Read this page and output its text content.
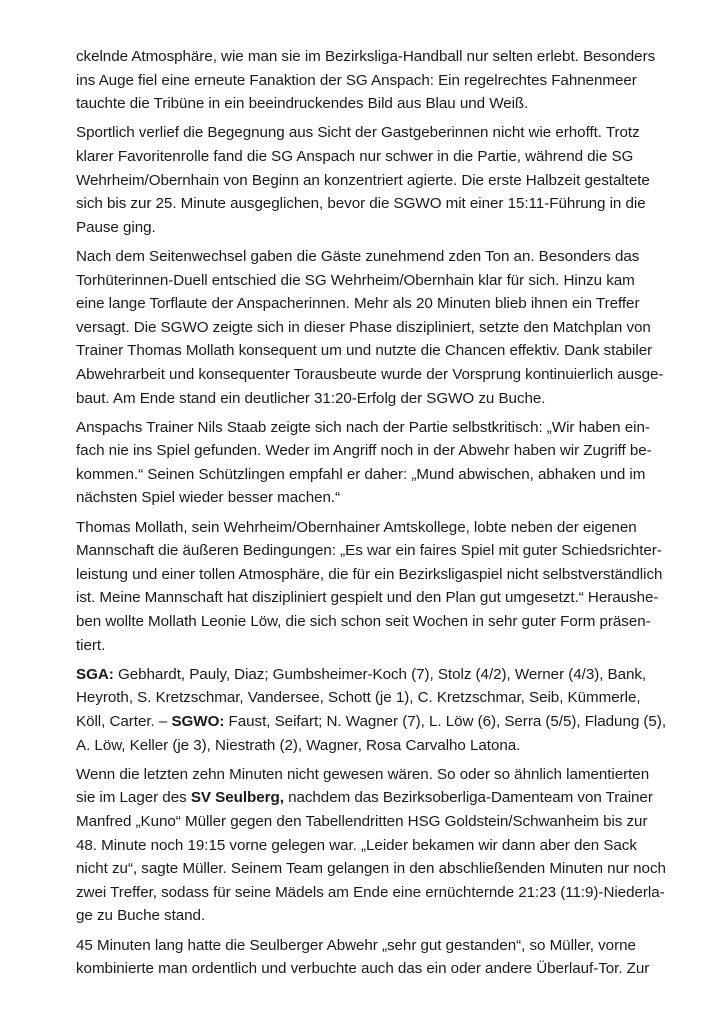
ckelnde Atmosphäre, wie man sie im Bezirksliga-Handball nur selten erlebt. Besonders
ins Auge fiel eine erneute Fanaktion der SG Anspach: Ein regelrechtes Fahnenmeer
tauchte die Tribüne in ein beeindruckendes Bild aus Blau und Weiß.

Sportlich verlief die Begegnung aus Sicht der Gastgeberinnen nicht wie erhofft. Trotz
klarer Favoritenrolle fand die SG Anspach nur schwer in die Partie, während die SG
Wehrheim/Obernhain von Beginn an konzentriert agierte. Die erste Halbzeit gestaltete
sich bis zur 25. Minute ausgeglichen, bevor die SGWO mit einer 15:11-Führung in die
Pause ging.

Nach dem Seitenwechsel gaben die Gäste zunehmend zden Ton an. Besonders das
Torhüterinnen-Duell entschied die SG Wehrheim/Obernhain klar für sich. Hinzu kam
eine lange Torflaute der Anspacherinnen. Mehr als 20 Minuten blieb ihnen ein Treffer
versagt. Die SGWO zeigte sich in dieser Phase diszipliniert, setzte den Matchplan von
Trainer Thomas Mollath konsequent um und nutzte die Chancen effektiv. Dank stabiler
Abwehrarbeit und konsequenter Torausbeute wurde der Vorsprung kontinuierlich ausge-
baut. Am Ende stand ein deutlicher 31:20-Erfolg der SGWO zu Buche.

Anspachs Trainer Nils Staab zeigte sich nach der Partie selbstkritisch: „Wir haben ein-
fach nie ins Spiel gefunden. Weder im Angriff noch in der Abwehr haben wir Zugriff be-
kommen.“ Seinen Schützlingen empfahl er daher: „Mund abwischen, abhaken und im
nächsten Spiel wieder besser machen.“

Thomas Mollath, sein Wehrheim/Obernhainer Amtskollege, lobte neben der eigenen
Mannschaft die äußeren Bedingungen: „Es war ein faires Spiel mit guter Schiedsrichter-
leistung und einer tollen Atmosphäre, die für ein Bezirksligaspiel nicht selbstverständlich
ist. Meine Mannschaft hat diszipliniert gespielt und den Plan gut umgesetzt.“ Heraushe-
ben wollte Mollath Leonie Löw, die sich schon seit Wochen in sehr guter Form präsen-
tiert.

SGA: Gebhardt, Pauly, Diaz; Gumbsheimer-Koch (7), Stolz (4/2), Werner (4/3), Bank,
Heyroth, S. Kretzschmar, Vandersee, Schott (je 1), C. Kretzschmar, Seib, Kümmerle,
Köll, Carter. – SGWO: Faust, Seifart; N. Wagner (7), L. Löw (6), Serra (5/5), Fladung (5),
A. Löw, Keller (je 3), Niestrath (2), Wagner, Rosa Carvalho Latona.

Wenn die letzten zehn Minuten nicht gewesen wären. So oder so ähnlich lamentierten
sie im Lager des SV Seulberg, nachdem das Bezirksoberliga-Damenteam von Trainer
Manfred „Kuno“ Müller gegen den Tabellendritten HSG Goldstein/Schwanheim bis zur
48. Minute noch 19:15 vorne gelegen war. „Leider bekamen wir dann aber den Sack
nicht zu“, sagte Müller. Seinem Team gelangen in den abschließenden Minuten nur noch
zwei Treffer, sodass für seine Mädels am Ende eine ernüchternde 21:23 (11:9)-Niederla-
ge zu Buche stand.

45 Minuten lang hatte die Seulberger Abwehr „sehr gut gestanden“, so Müller, vorne
kombinierte man ordentlich und verbuchte auch das ein oder andere Überlauf-Tor. Zur
